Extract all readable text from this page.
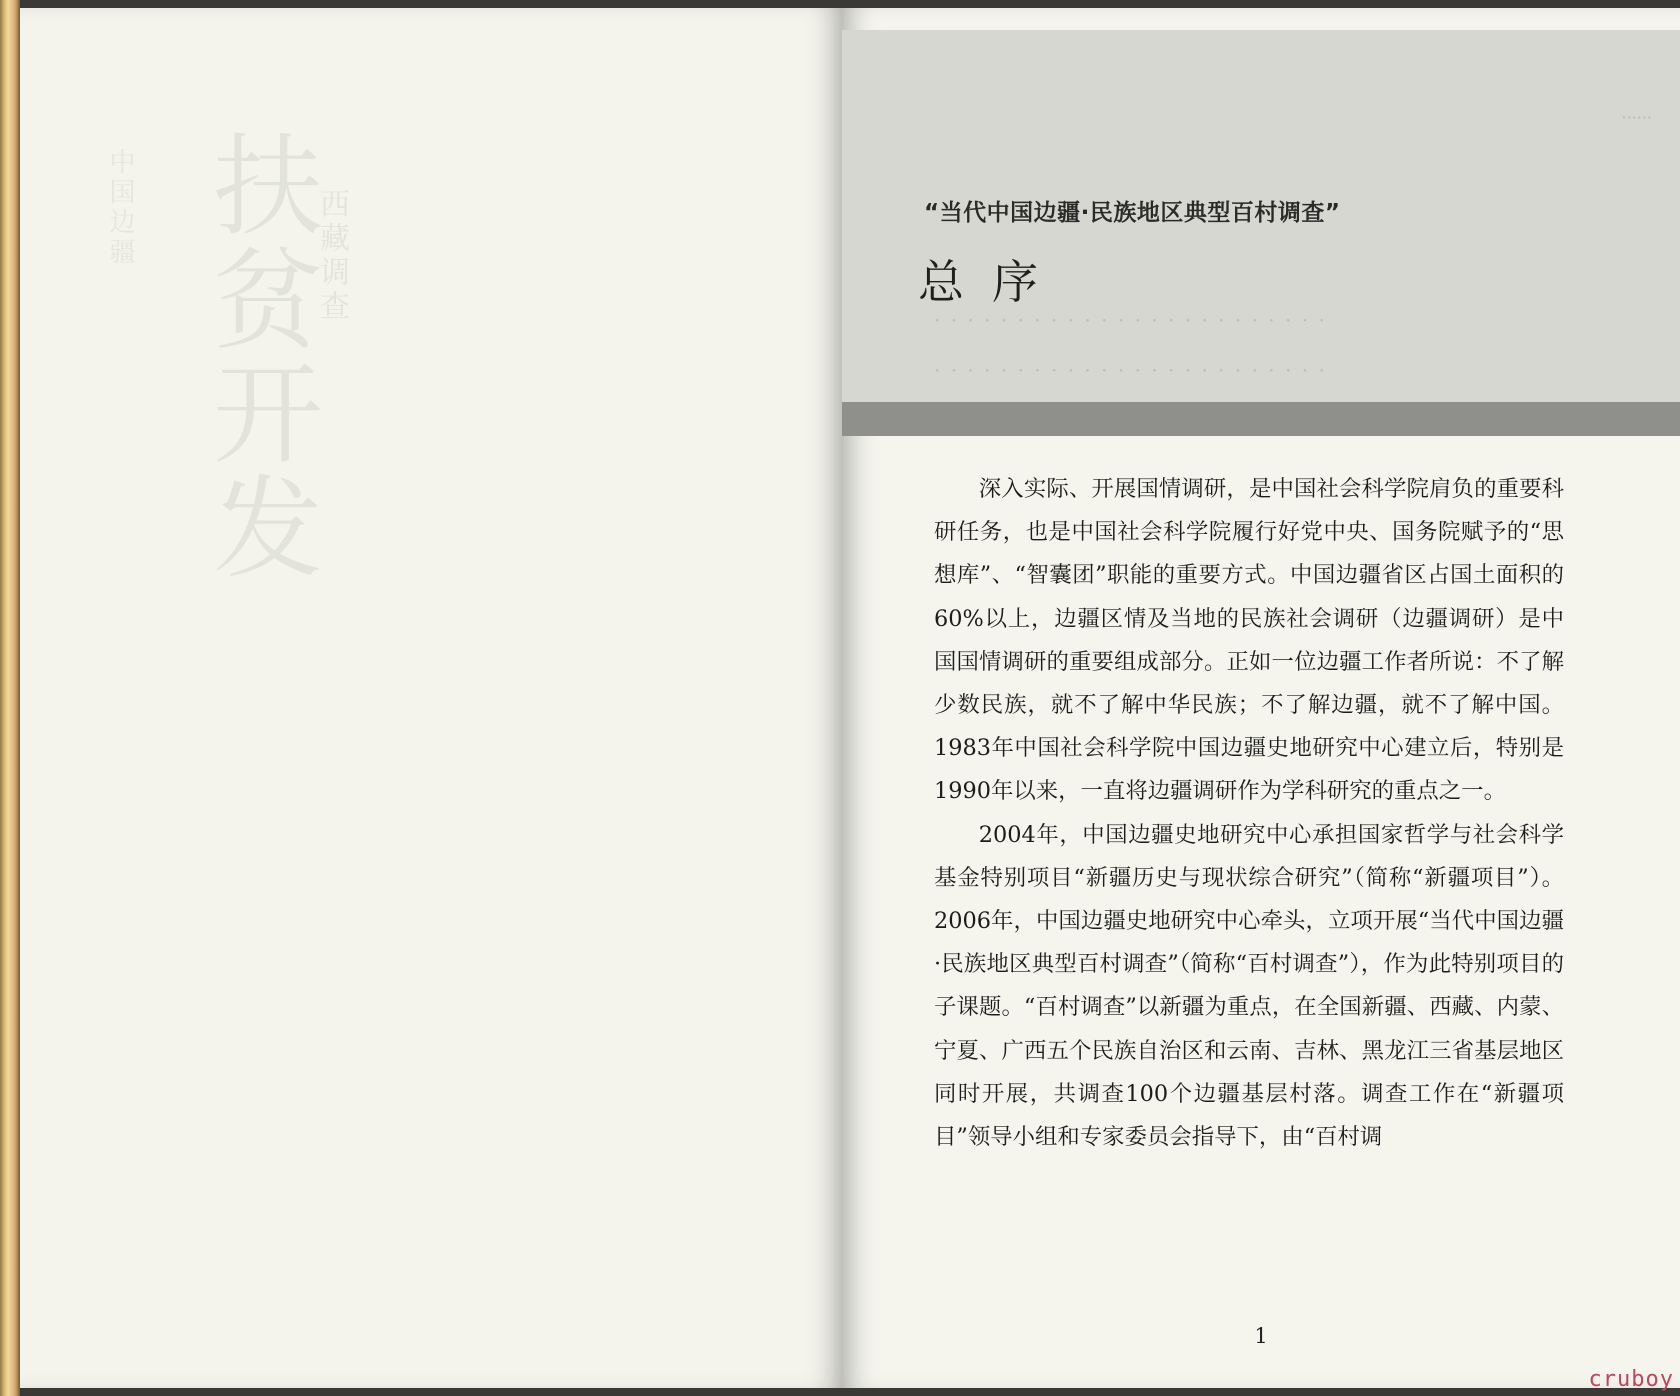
扶贫开发
中国边疆	西藏调查
······
· · · · · · · · · · · · · · · · · · · · · · · ·
· · · · · · · · · · · · · · · · · · · · · · · ·
“当代中国边疆·民族地区典型百村调查”
总序

深入实际、开展国情调研，是中国社会科学院肩负的重要科研任务，也是中国社会科学院履行好党中央、国务院赋予的“思想库”、“智囊团”职能的重要方式。中国边疆省区占国土面积的60%以上，边疆区情及当地的民族社会调研（边疆调研）是中国国情调研的重要组成部分。正如一位边疆工作者所说：不了解少数民族，就不了解中华民族；不了解边疆，就不了解中国。1983年中国社会科学院中国边疆史地研究中心建立后，特别是1990年以来，一直将边疆调研作为学科研究的重点之一。

2004年，中国边疆史地研究中心承担国家哲学与社会科学基金特别项目“新疆历史与现状综合研究”（简称“新疆项目”）。2006年，中国边疆史地研究中心牵头，立项开展“当代中国边疆·民族地区典型百村调查”（简称“百村调查”），作为此特别项目的子课题。“百村调查”以新疆为重点，在全国新疆、西藏、内蒙、宁夏、广西五个民族自治区和云南、吉林、黑龙江三省基层地区同时开展，共调查100个边疆基层村落。调查工作在“新疆项目”领导小组和专家委员会指导下，由“百村调

1
cruboy
